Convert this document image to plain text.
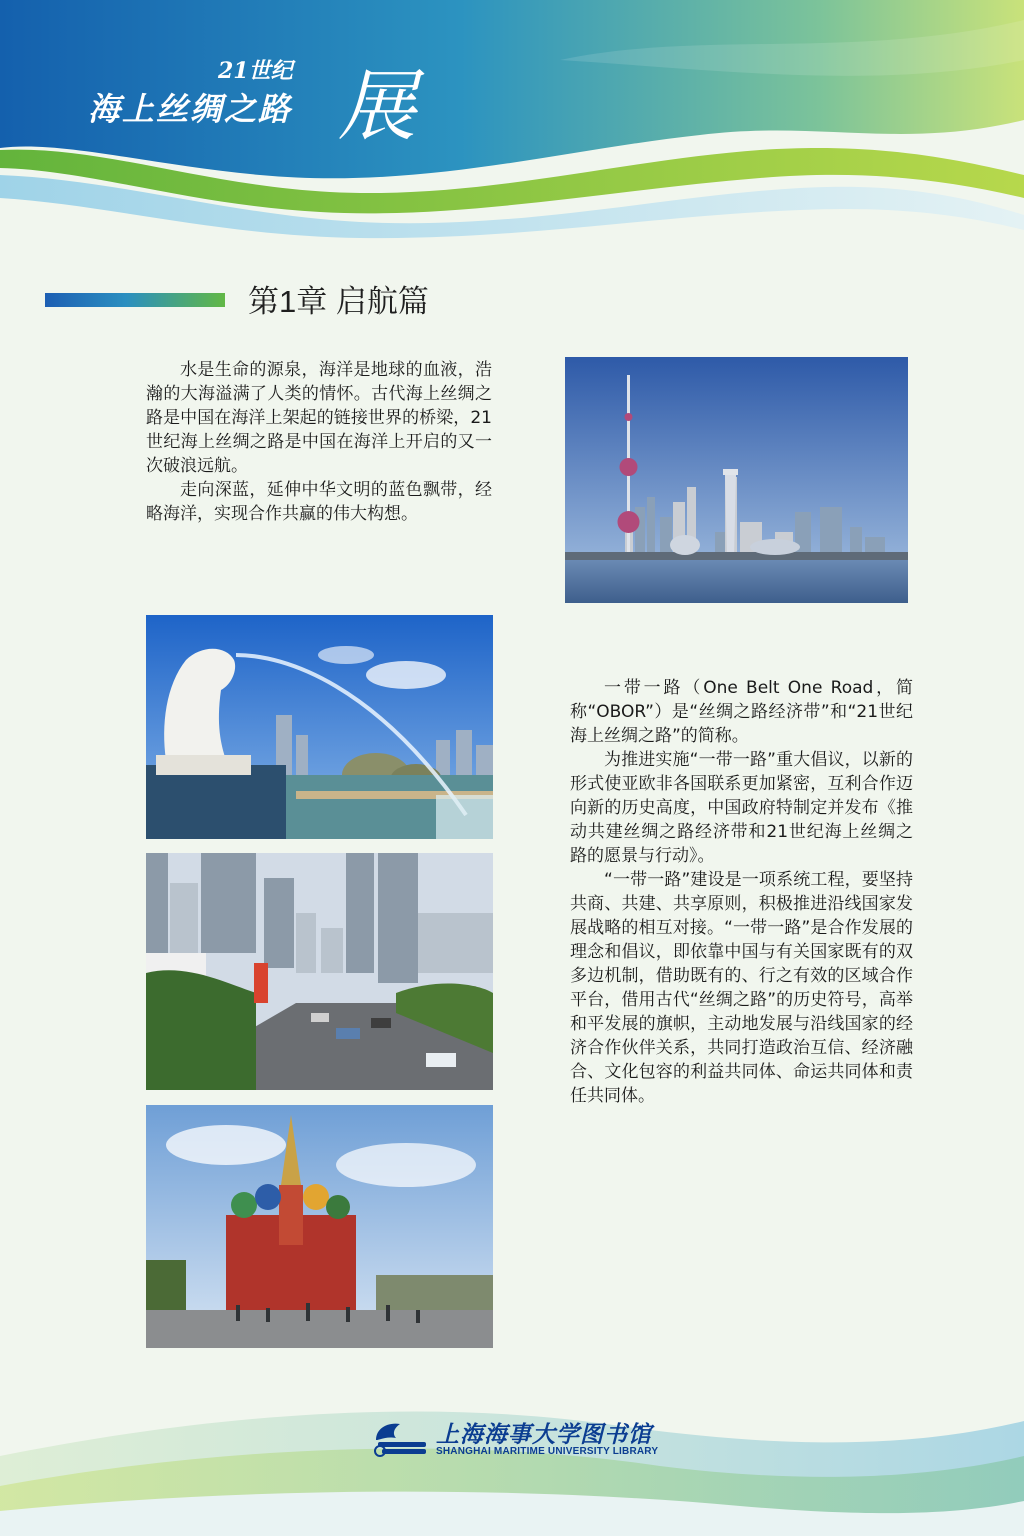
21世纪
海上丝绸之路 展
第1章 启航篇

水是生命的源泉，海洋是地球的血液，浩瀚的大海溢满了人类的情怀。古代海上丝绸之路是中国在海洋上架起的链接世界的桥梁，21世纪海上丝绸之路是中国在海洋上开启的又一次破浪远航。

走向深蓝，延伸中华文明的蓝色飘带，经略海洋，实现合作共赢的伟大构想。

一带一路（One Belt One Road，简称“OBOR”）是“丝绸之路经济带”和“21世纪海上丝绸之路”的简称。

为推进实施“一带一路”重大倡议，以新的形式使亚欧非各国联系更加紧密，互利合作迈向新的历史高度，中国政府特制定并发布《推动共建丝绸之路经济带和21世纪海上丝绸之路的愿景与行动》。

“一带一路”建设是一项系统工程，要坚持共商、共建、共享原则，积极推进沿线国家发展战略的相互对接。“一带一路”是合作发展的理念和倡议，即依靠中国与有关国家既有的双多边机制，借助既有的、行之有效的区域合作平台，借用古代“丝绸之路”的历史符号，高举和平发展的旗帜，主动地发展与沿线国家的经济合作伙伴关系，共同打造政治互信、经济融合、文化包容的利益共同体、命运共同体和责任共同体。

上海海事大学图书馆
SHANGHAI MARITIME UNIVERSITY LIBRARY
